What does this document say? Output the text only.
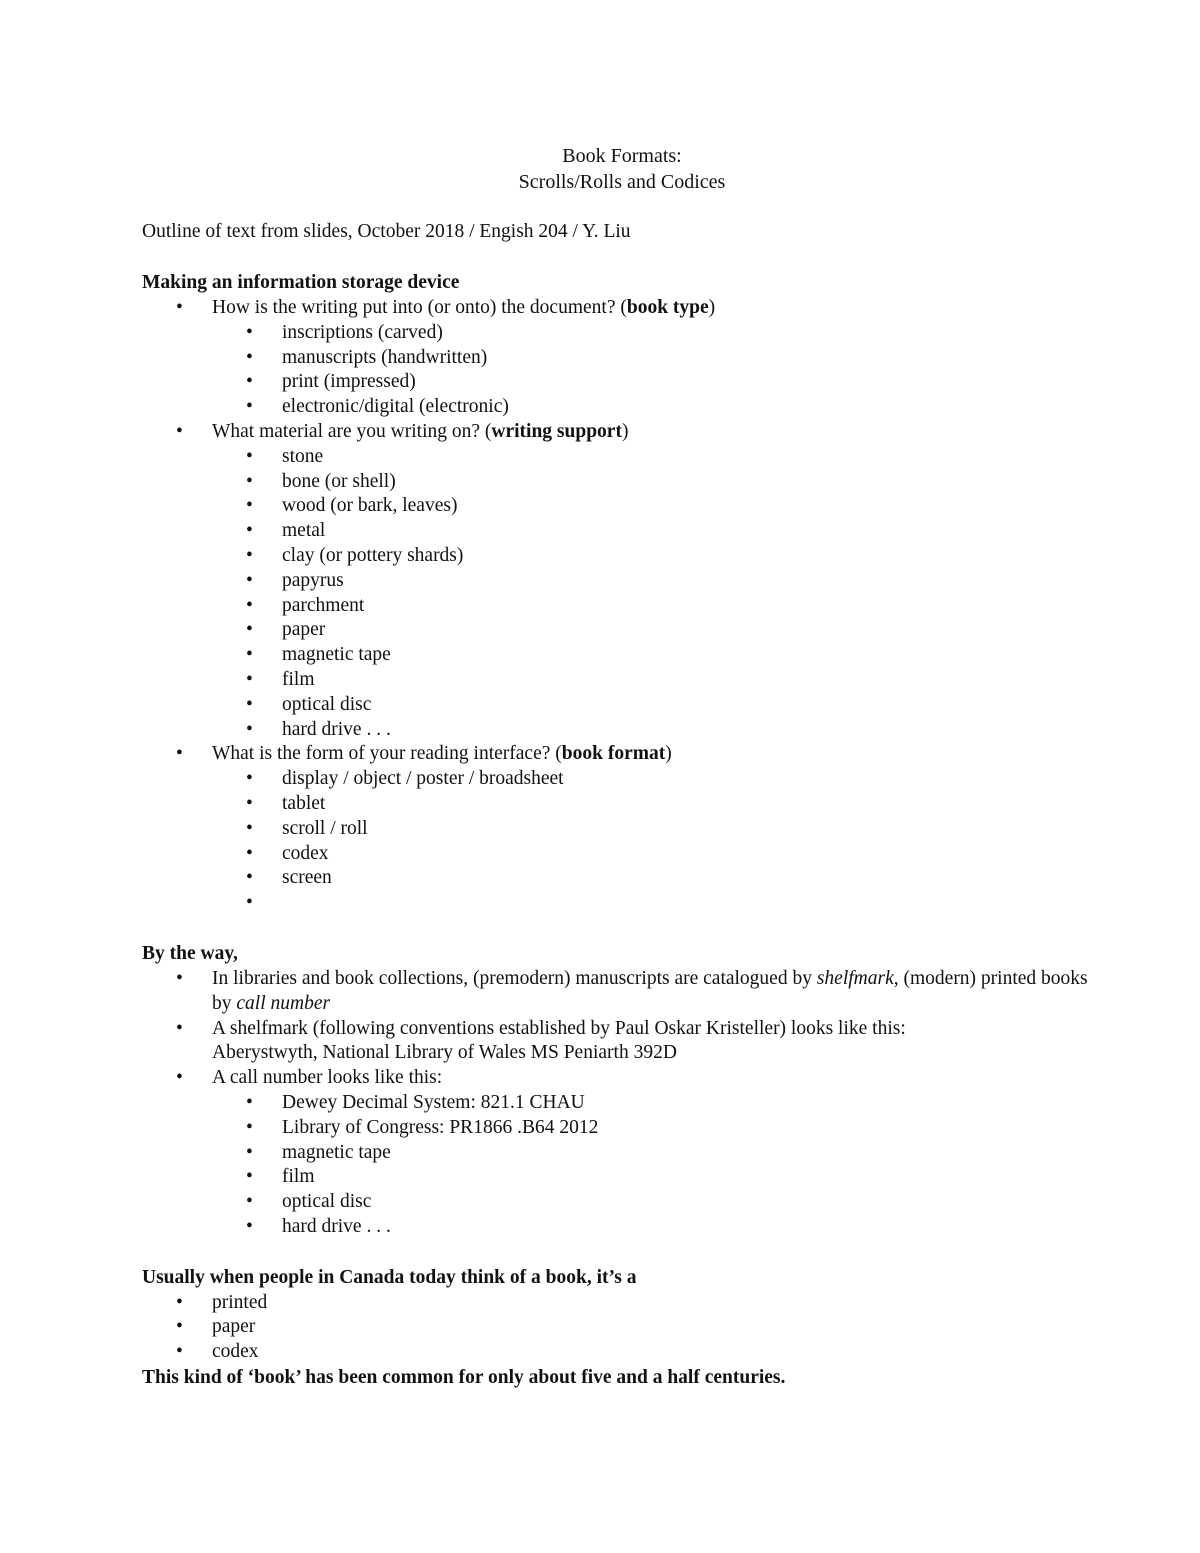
Book Formats:
Scrolls/Rolls and Codices
Outline of text from slides, October 2018 / Engish 204 / Y. Liu
Making an information storage device
• How is the writing put into (or onto) the document? (book type)
• inscriptions (carved)
• manuscripts (handwritten)
• print (impressed)
• electronic/digital (electronic)
• What material are you writing on? (writing support)
• stone
• bone (or shell)
• wood (or bark, leaves)
• metal
• clay (or pottery shards)
• papyrus
• parchment
• paper
• magnetic tape
• film
• optical disc
• hard drive . . .
• What is the form of your reading interface? (book format)
• display / object / poster / broadsheet
• tablet
• scroll / roll
• codex
• screen
•
By the way,
• In libraries and book collections, (premodern) manuscripts are catalogued by shelfmark, (modern) printed books by call number
• A shelfmark (following conventions established by Paul Oskar Kristeller) looks like this:
Aberystwyth, National Library of Wales MS Peniarth 392D
• A call number looks like this:
• Dewey Decimal System: 821.1 CHAU
• Library of Congress: PR1866 .B64 2012
• magnetic tape
• film
• optical disc
• hard drive . . .
Usually when people in Canada today think of a book, it’s a
• printed
• paper
• codex
This kind of ‘book’ has been common for only about five and a half centuries.
